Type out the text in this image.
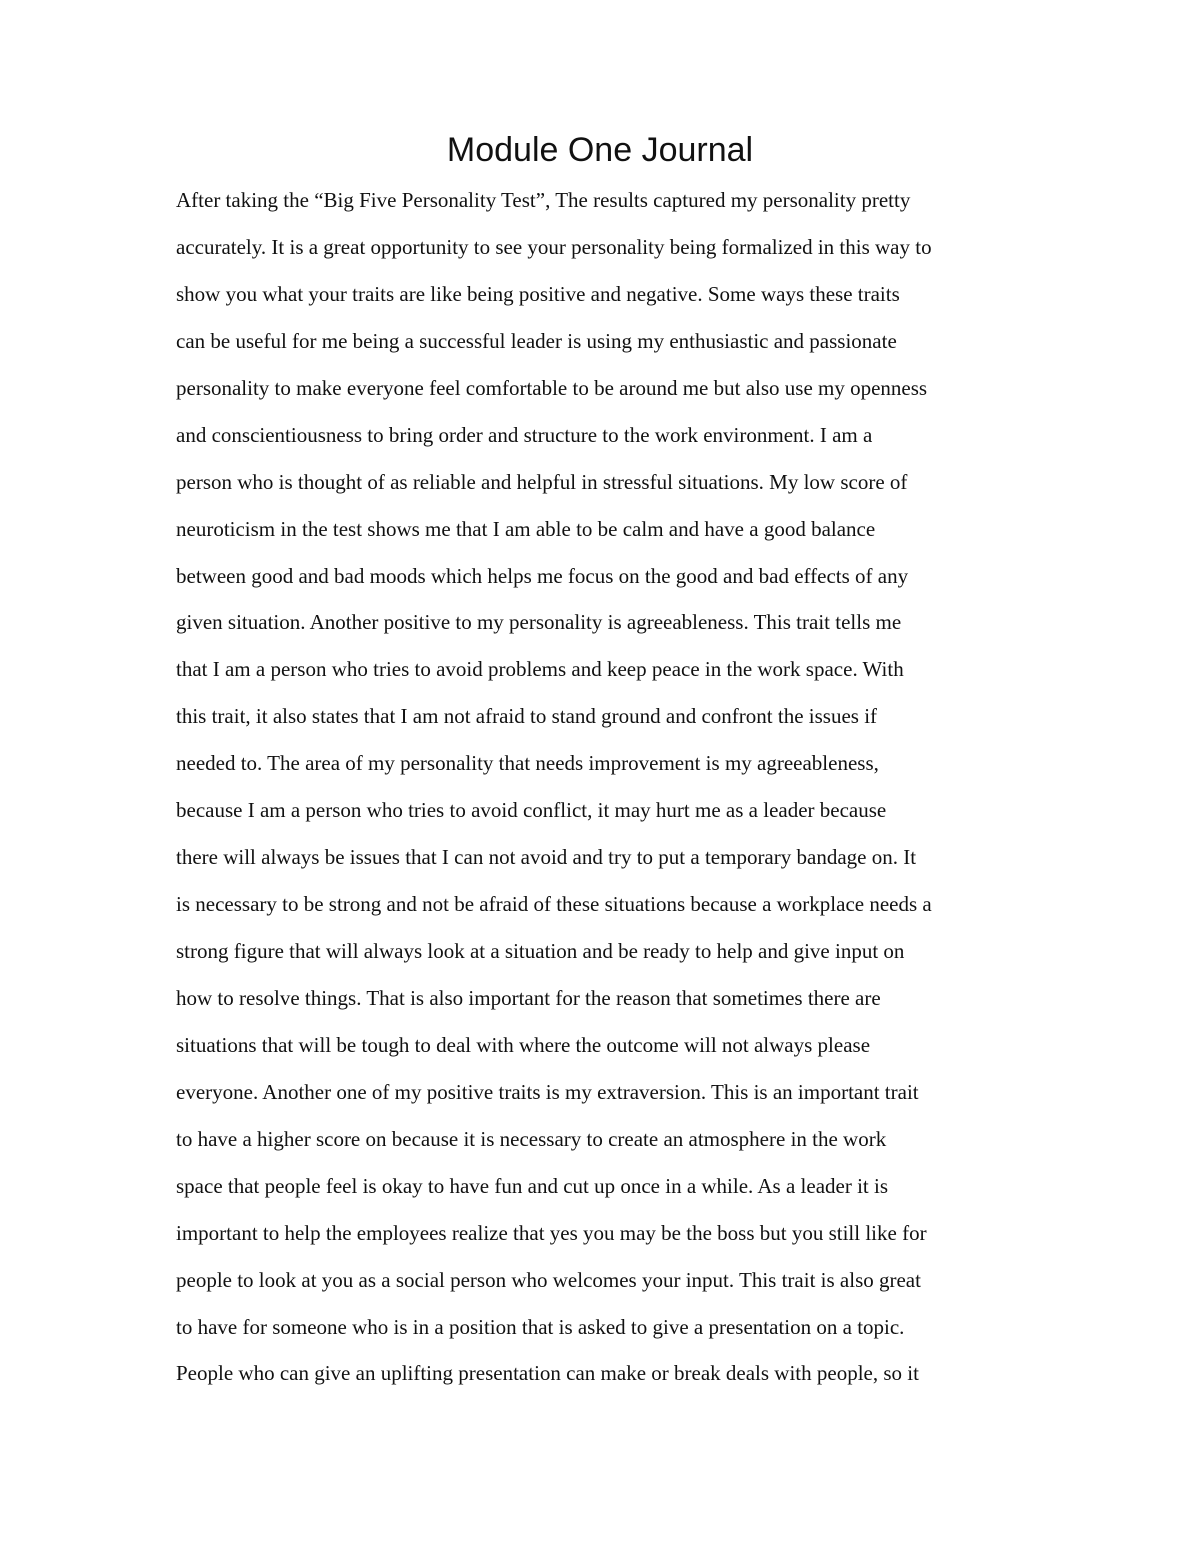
Module One Journal
After taking the “Big Five Personality Test”, The results captured my personality pretty
accurately. It is a great opportunity to see your personality being formalized in this way to
show you what your traits are like being positive and negative. Some ways these traits
can be useful for me being a successful leader is using my enthusiastic and passionate
personality to make everyone feel comfortable to be around me but also use my openness
and conscientiousness to bring order and structure to the work environment. I am a
person who is thought of as reliable and helpful in stressful situations. My low score of
neuroticism in the test shows me that I am able to be calm and have a good balance
between good and bad moods which helps me focus on the good and bad effects of any
given situation. Another positive to my personality is agreeableness. This trait tells me
that I am a person who tries to avoid problems and keep peace in the work space. With
this trait, it also states that I am not afraid to stand ground and confront the issues if
needed to. The area of my personality that needs improvement is my agreeableness,
because I am a person who tries to avoid conflict, it may hurt me as a leader because
there will always be issues that I can not avoid and try to put a temporary bandage on. It
is necessary to be strong and not be afraid of these situations because a workplace needs a
strong figure that will always look at a situation and be ready to help and give input on
how to resolve things. That is also important for the reason that sometimes there are
situations that will be tough to deal with where the outcome will not always please
everyone. Another one of my positive traits is my extraversion. This is an important trait
to have a higher score on because it is necessary to create an atmosphere in the work
space that people feel is okay to have fun and cut up once in a while. As a leader it is
important to help the employees realize that yes you may be the boss but you still like for
people to look at you as a social person who welcomes your input. This trait is also great
to have for someone who is in a position that is asked to give a presentation on a topic.
People who can give an uplifting presentation can make or break deals with people, so it
